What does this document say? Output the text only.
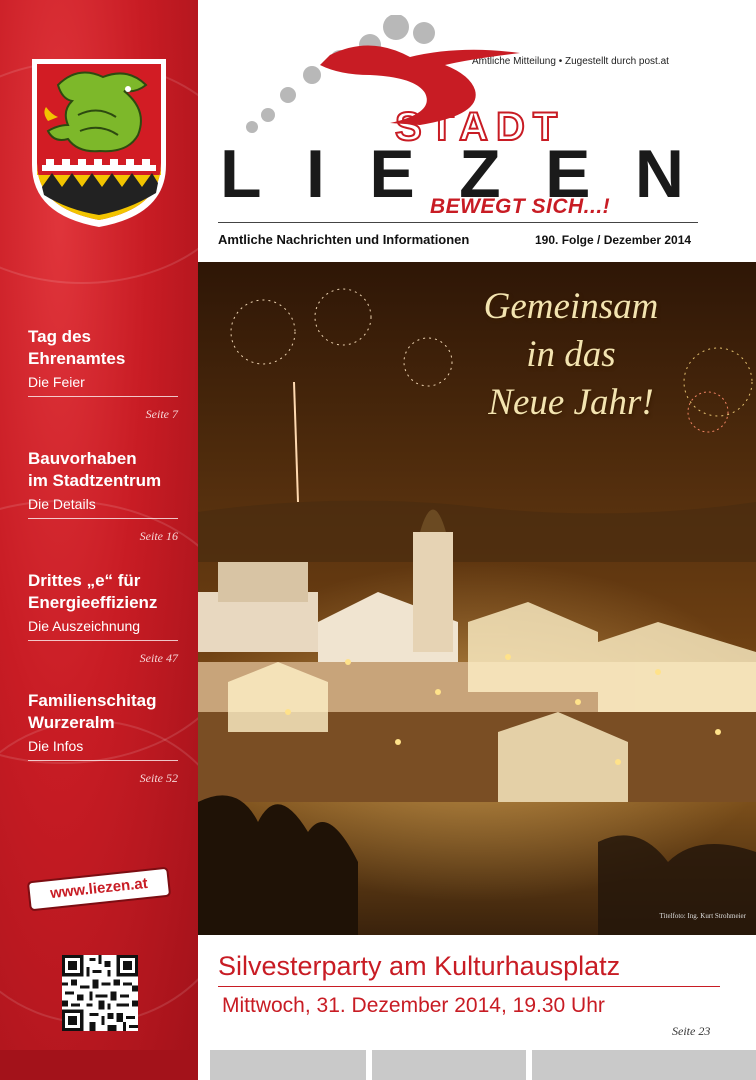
Tag des
Ehrenamtes
Die Feier
Seite 7
Bauvorhaben
im Stadtzentrum
Die Details
Seite 16
Drittes „e“ für
Energieeffizienz
Die Auszeichnung
Seite 47
Familienschitag
Wurzeralm
Die Infos
Seite 52
www.liezen.at
Amtliche Mitteilung • Zugestellt durch post.at
STADT
LIEZEN
BEWEGT SICH...!
Amtliche Nachrichten und Informationen	190. Folge / Dezember 2014
Gemeinsam
in das
Neue Jahr!
Titelfoto: Ing. Kurt Strohmeier
Silvesterparty am Kulturhausplatz
Mittwoch, 31. Dezember 2014, 19.30 Uhr
Seite 23
